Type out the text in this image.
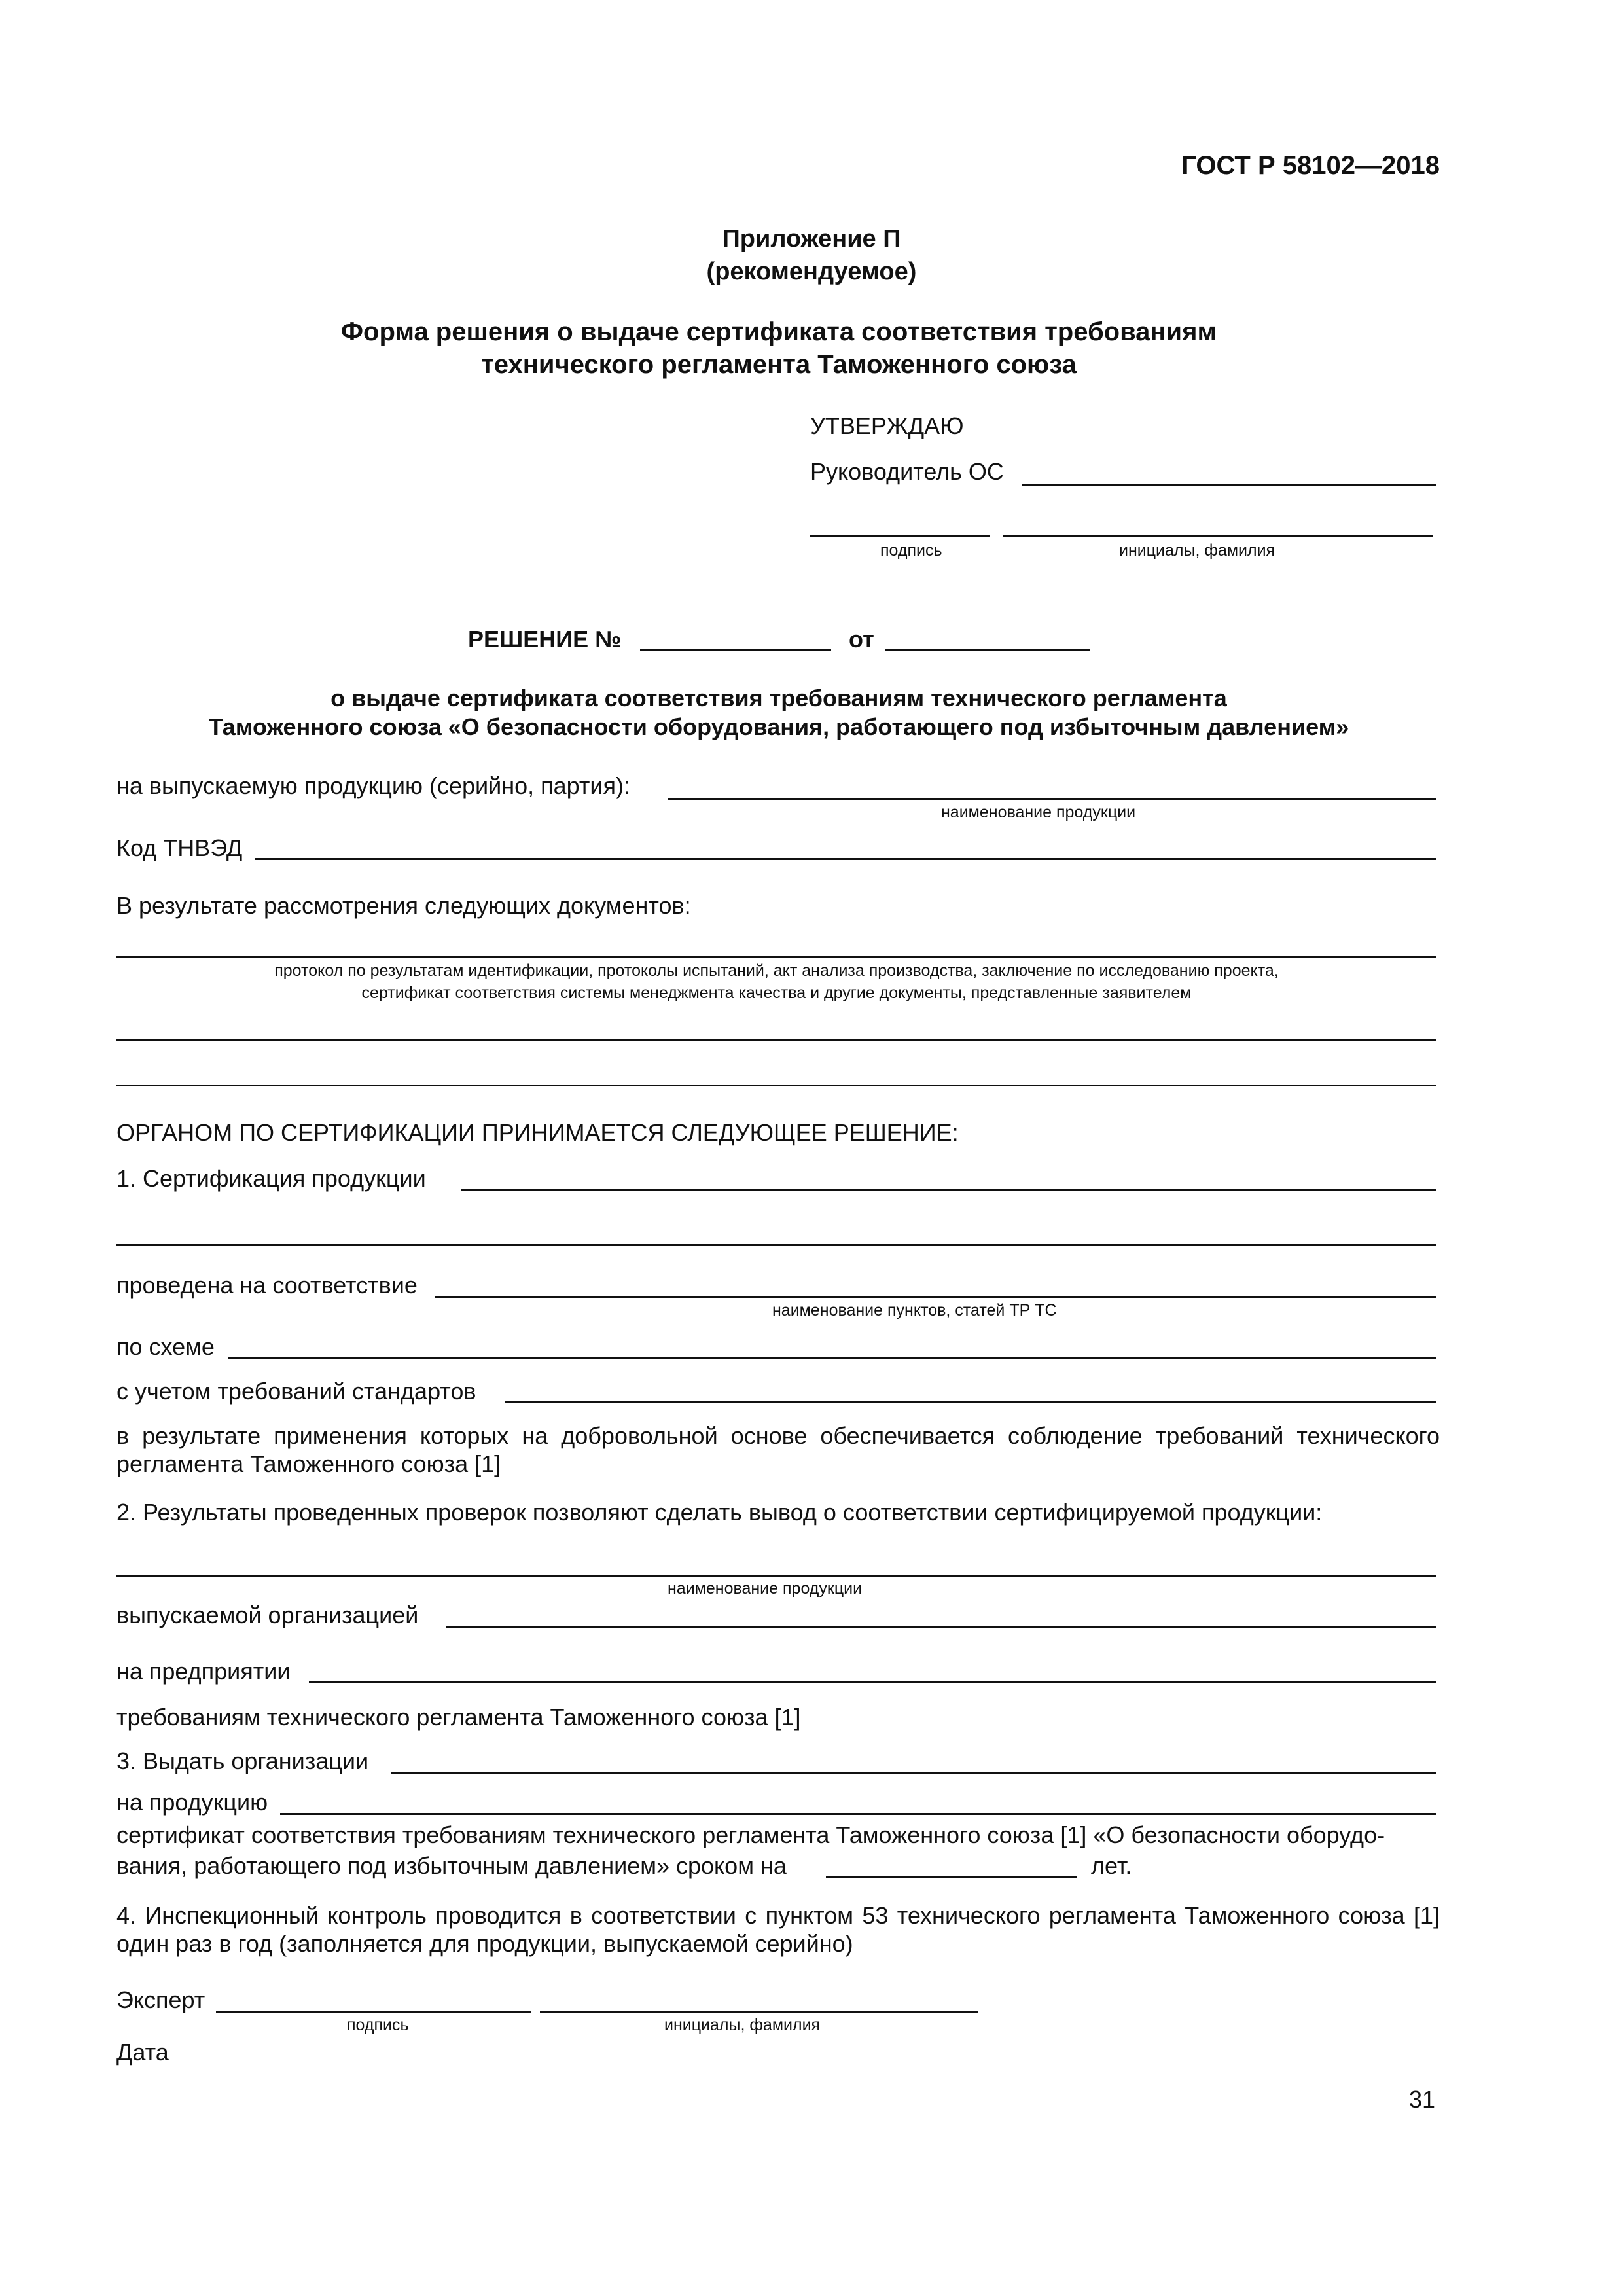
ГОСТ Р 58102—2018
Приложение П
(рекомендуемое)
Форма решения о выдаче сертификата соответствия требованиям
технического регламента Таможенного союза
УТВЕРЖДАЮ
Руководитель ОС
подпись	инициалы, фамилия
РЕШЕНИЕ №	от
о выдаче сертификата соответствия требованиям технического регламента
Таможенного союза «О безопасности оборудования, работающего под избыточным давлением»
на выпускаемую продукцию (серийно, партия):
наименование продукции
Код ТНВЭД
В результате рассмотрения следующих документов:
протокол по результатам идентификации, протоколы испытаний, акт анализа производства, заключение по исследованию проекта,
сертификат соответствия системы менеджмента качества и другие документы, представленные заявителем
ОРГАНОМ ПО СЕРТИФИКАЦИИ ПРИНИМАЕТСЯ СЛЕДУЮЩЕЕ РЕШЕНИЕ:
1. Сертификация продукции
проведена на соответствие
наименование пунктов, статей ТР ТС
по схеме
с учетом требований стандартов
в результате применения которых на добровольной основе обеспечивается соблюдение требований технического регламента Таможенного союза [1]
2. Результаты проведенных проверок позволяют сделать вывод о соответствии сертифицируемой продукции:
наименование продукции
выпускаемой организацией
на предприятии
требованиям технического регламента Таможенного союза [1]
3. Выдать организации
на продукцию
сертификат соответствия требованиям технического регламента Таможенного союза [1] «О безопасности оборудо-
вания, работающего под избыточным давлением» сроком на	лет.
4. Инспекционный контроль проводится в соответствии с пунктом 53 технического регламента Таможенного союза [1] один раз в год (заполняется для продукции, выпускаемой серийно)
Эксперт
подпись	инициалы, фамилия
Дата
31
